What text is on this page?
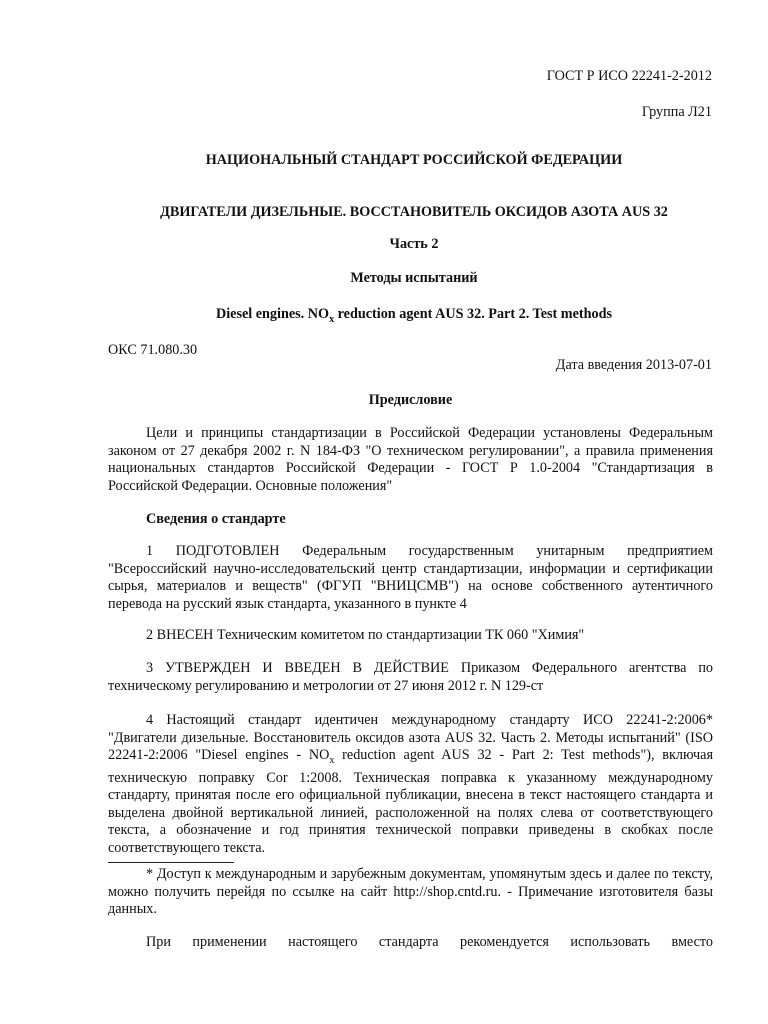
ГОСТ Р ИСО 22241-2-2012

Группа Л21

НАЦИОНАЛЬНЫЙ СТАНДАРТ РОССИЙСКОЙ ФЕДЕРАЦИИ

ДВИГАТЕЛИ ДИЗЕЛЬНЫЕ. ВОССТАНОВИТЕЛЬ ОКСИДОВ АЗОТА AUS 32

Часть 2

Методы испытаний

Diesel engines. $NO_x$ reduction agent AUS 32. Part 2. Test methods

ОКС 71.080.30

Дата введения 2013-07-01

Предисловие

Цели и принципы стандартизации в Российской Федерации установлены Федеральным законом от 27 декабря 2002 г. N 184-ФЗ "О техническом регулировании", а правила применения национальных стандартов Российской Федерации - ГОСТ Р 1.0-2004 "Стандартизация в Российской Федерации. Основные положения"

Сведения о стандарте

1 ПОДГОТОВЛЕН Федеральным государственным унитарным предприятием "Всероссийский научно-исследовательский центр стандартизации, информации и сертификации сырья, материалов и веществ" (ФГУП "ВНИЦСМВ") на основе собственного аутентичного перевода на русский язык стандарта, указанного в пункте 4

2 ВНЕСЕН Техническим комитетом по стандартизации ТК 060 "Химия"

3 УТВЕРЖДЕН И ВВЕДЕН В ДЕЙСТВИЕ Приказом Федерального агентства по техническому регулированию и метрологии от 27 июня 2012 г. N 129-ст

4 Настоящий стандарт идентичен международному стандарту ИСО 22241-2:2006* "Двигатели дизельные. Восстановитель оксидов азота AUS 32. Часть 2. Методы испытаний" (ISO 22241-2:2006 "Diesel engines - $NO_x$ reduction agent AUS 32 - Part 2: Test methods"), включая техническую поправку Cor 1:2008. Техническая поправка к указанному международному стандарту, принятая после его официальной публикации, внесена в текст настоящего стандарта и выделена двойной вертикальной линией, расположенной на полях слева от соответствующего текста, а обозначение и год принятия технической поправки приведены в скобках после соответствующего текста.

* Доступ к международным и зарубежным документам, упомянутым здесь и далее по тексту, можно получить перейдя по ссылке на сайт http://shop.cntd.ru. - Примечание изготовителя базы данных.

При применении настоящего стандарта рекомендуется использовать вместо
